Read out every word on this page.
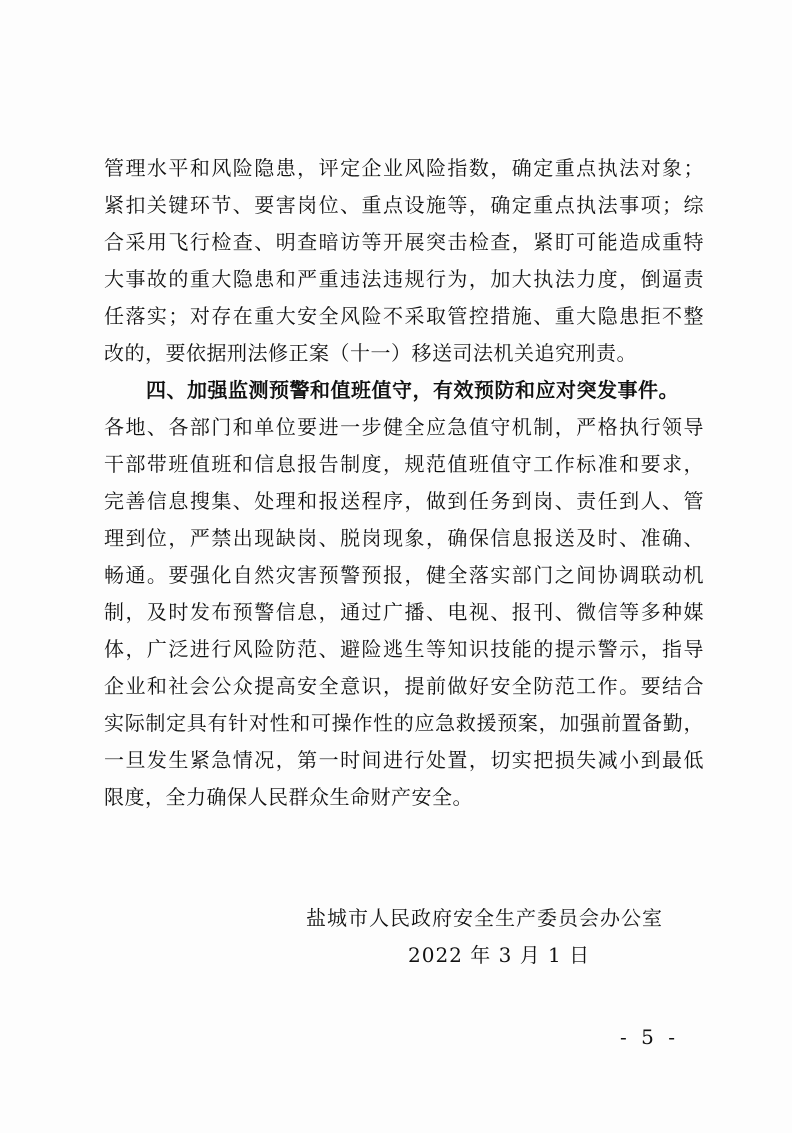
管理水平和风险隐患，评定企业风险指数，确定重点执法对象；
紧扣关键环节、要害岗位、重点设施等，确定重点执法事项；综
合采用飞行检查、明查暗访等开展突击检查，紧盯可能造成重特
大事故的重大隐患和严重违法违规行为，加大执法力度，倒逼责
任落实；对存在重大安全风险不采取管控措施、重大隐患拒不整
改的，要依据刑法修正案（十一）移送司法机关追究刑责。
四、加强监测预警和值班值守，有效预防和应对突发事件。
各地、各部门和单位要进一步健全应急值守机制，严格执行领导
干部带班值班和信息报告制度，规范值班值守工作标准和要求，
完善信息搜集、处理和报送程序，做到任务到岗、责任到人、管
理到位，严禁出现缺岗、脱岗现象，确保信息报送及时、准确、
畅通。要强化自然灾害预警预报，健全落实部门之间协调联动机
制，及时发布预警信息，通过广播、电视、报刊、微信等多种媒
体，广泛进行风险防范、避险逃生等知识技能的提示警示，指导
企业和社会公众提高安全意识，提前做好安全防范工作。要结合
实际制定具有针对性和可操作性的应急救援预案，加强前置备勤，
一旦发生紧急情况，第一时间进行处置，切实把损失减小到最低
限度，全力确保人民群众生命财产安全。
盐城市人民政府安全生产委员会办公室
2022 年 3 月 1 日
- 5 -
